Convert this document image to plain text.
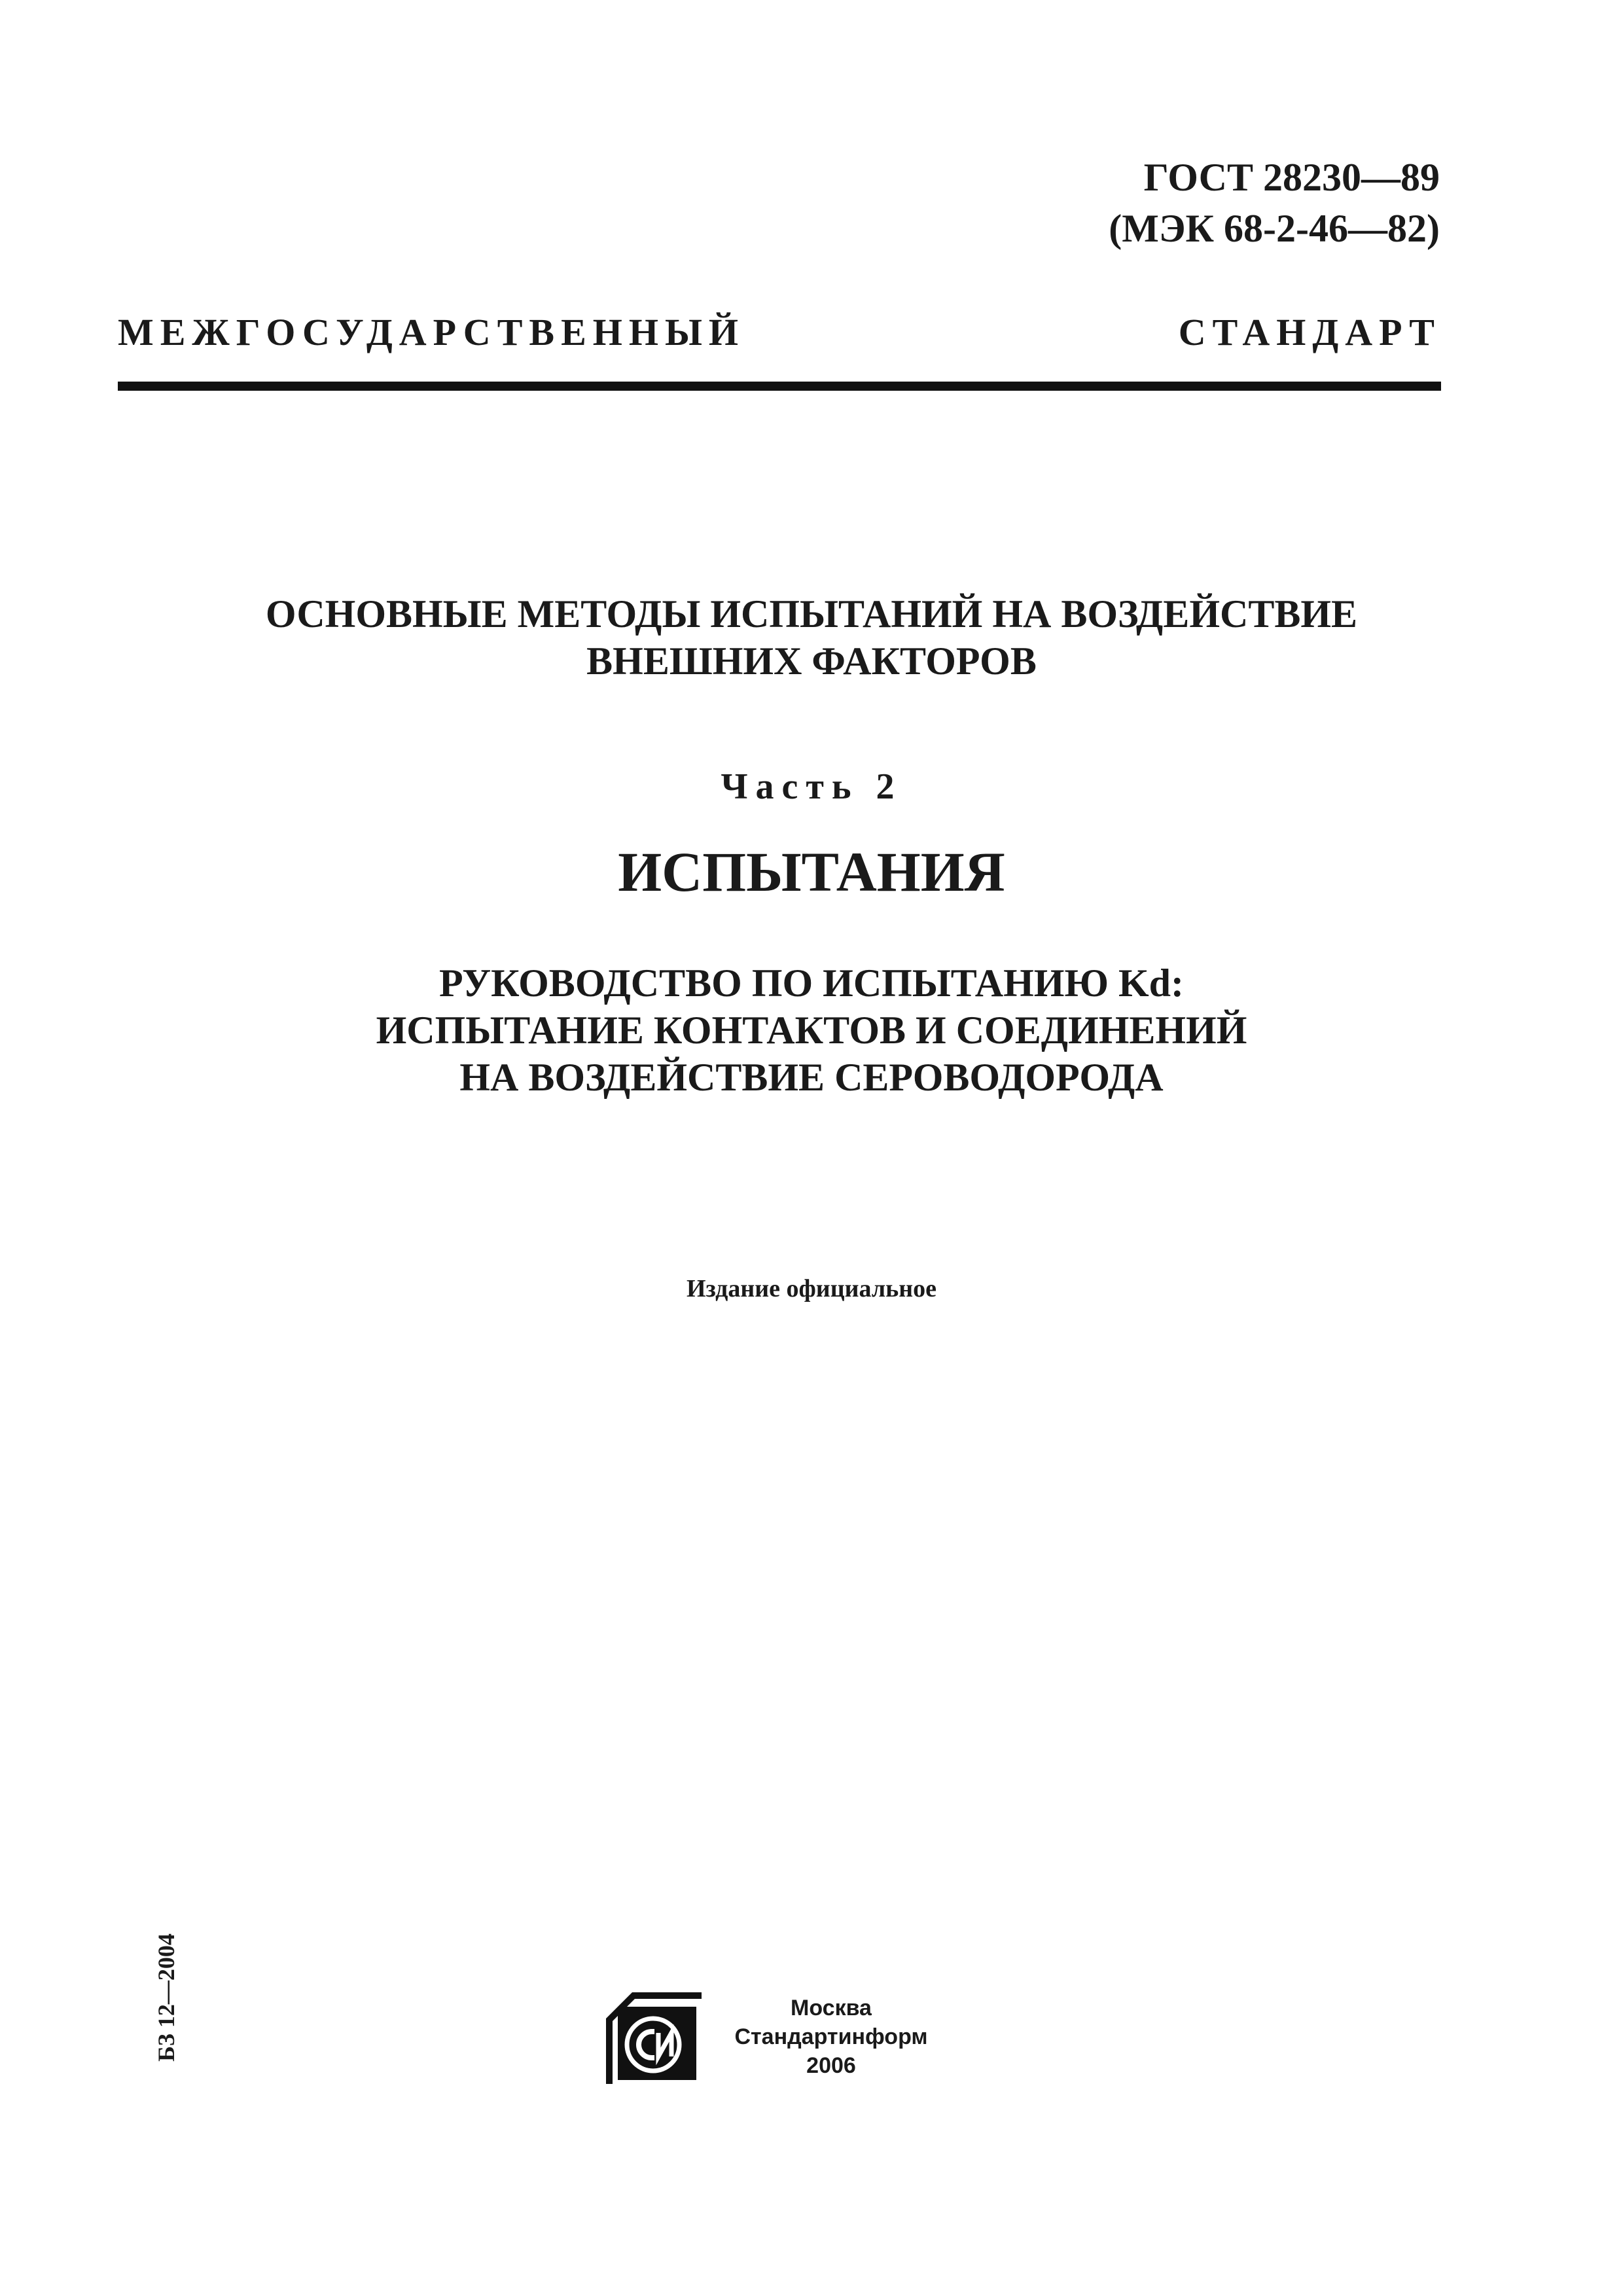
ГОСТ 28230—89
(МЭК 68-2-46—82)
МЕЖГОСУДАРСТВЕННЫЙ СТАНДАРТ
ОСНОВНЫЕ МЕТОДЫ ИСПЫТАНИЙ НА ВОЗДЕЙСТВИЕ
ВНЕШНИХ ФАКТОРОВ
Часть 2
ИСПЫТАНИЯ
РУКОВОДСТВО ПО ИСПЫТАНИЮ Kd:
ИСПЫТАНИЕ КОНТАКТОВ И СОЕДИНЕНИЙ
НА ВОЗДЕЙСТВИЕ СЕРОВОДОРОДА
Издание официальное
БЗ 12—2004	Москва
Стандартинформ
2006
